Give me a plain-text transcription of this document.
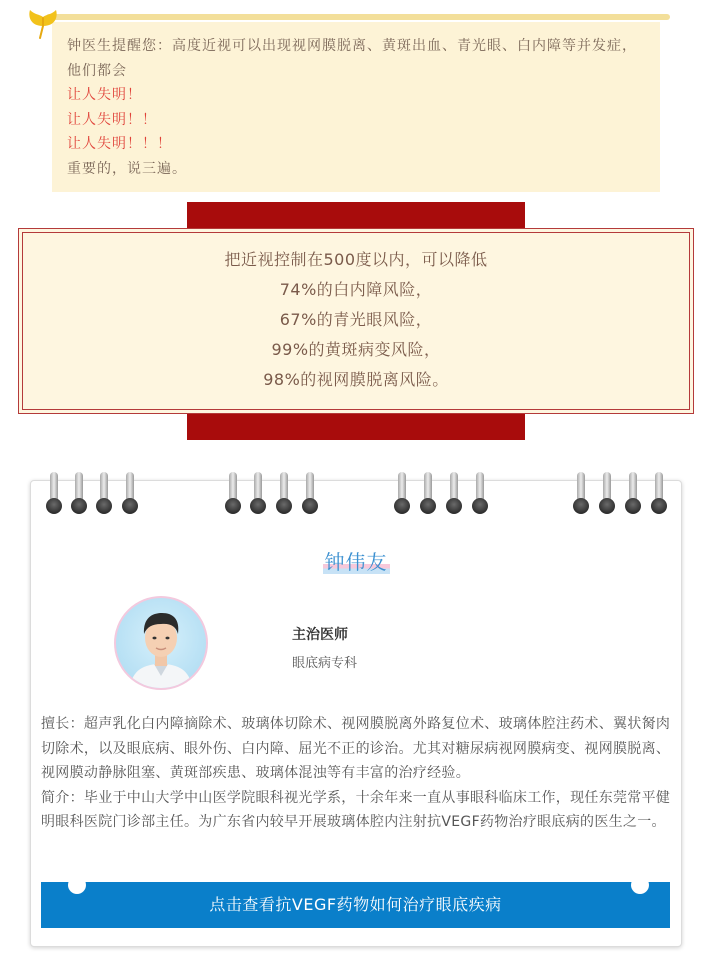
钟医生提醒您：高度近视可以出现视网膜脱离、黄斑出血、青光眼、白内障等并发症，他们都会
让人失明！
让人失明！！
让人失明！！！
重要的，说三遍。
把近视控制在500度以内，可以降低
74%的白内障风险，
67%的青光眼风险，
99%的黄斑病变风险，
98%的视网膜脱离风险。
钟伟友
主治医师
眼底病专科

擅长：超声乳化白内障摘除术、玻璃体切除术、视网膜脱离外路复位术、玻璃体腔注药术、翼状胬肉切除术，以及眼底病、眼外伤、白内障、屈光不正的诊治。尤其对糖尿病视网膜病变、视网膜脱离、视网膜动静脉阻塞、黄斑部疾患、玻璃体混浊等有丰富的治疗经验。

简介：毕业于中山大学中山医学院眼科视光学系，十余年来一直从事眼科临床工作，现任东莞常平健明眼科医院门诊部主任。为广东省内较早开展玻璃体腔内注射抗VEGF药物治疗眼底病的医生之一。

点击查看抗VEGF药物如何治疗眼底疾病
